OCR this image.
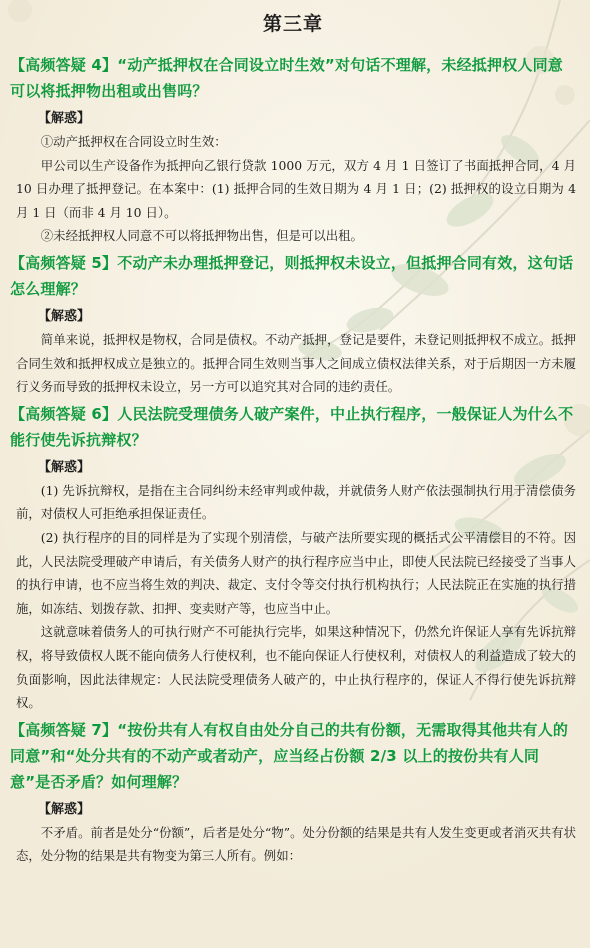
第三章
【高频答疑 4】“动产抵押权在合同设立时生效”对句话不理解，未经抵押权人同意可以将抵押物出租或出售吗？
【解惑】

①动产抵押权在合同设立时生效：

甲公司以生产设备作为抵押向乙银行贷款 1000 万元，双方 4 月 1 日签订了书面抵押合同，4 月 10 日办理了抵押登记。在本案中：(1) 抵押合同的生效日期为 4 月 1 日；(2) 抵押权的设立日期为 4 月 1 日（而非 4 月 10 日）。

②未经抵押权人同意不可以将抵押物出售，但是可以出租。

【高频答疑 5】不动产未办理抵押登记，则抵押权未设立，但抵押合同有效，这句话怎么理解？
【解惑】

简单来说，抵押权是物权，合同是债权。不动产抵押，登记是要件，未登记则抵押权不成立。抵押合同生效和抵押权成立是独立的。抵押合同生效则当事人之间成立债权法律关系，对于后期因一方未履行义务而导致的抵押权未设立，另一方可以追究其对合同的违约责任。

【高频答疑 6】人民法院受理债务人破产案件，中止执行程序，一般保证人为什么不能行使先诉抗辩权？
【解惑】

(1) 先诉抗辩权，是指在主合同纠纷未经审判或仲裁，并就债务人财产依法强制执行用于清偿债务前，对债权人可拒绝承担保证责任。

(2) 执行程序的目的同样是为了实现个别清偿，与破产法所要实现的概括式公平清偿目的不符。因此，人民法院受理破产申请后，有关债务人财产的执行程序应当中止，即使人民法院已经接受了当事人的执行申请，也不应当将生效的判决、裁定、支付令等交付执行机构执行；人民法院正在实施的执行措施，如冻结、划拨存款、扣押、变卖财产等，也应当中止。

这就意味着债务人的可执行财产不可能执行完毕，如果这种情况下，仍然允许保证人享有先诉抗辩权，将导致债权人既不能向债务人行使权利，也不能向保证人行使权利，对债权人的利益造成了较大的负面影响，因此法律规定：人民法院受理债务人破产的，中止执行程序的，保证人不得行使先诉抗辩权。

【高频答疑 7】“按份共有人有权自由处分自己的共有份额，无需取得其他共有人的同意”和“处分共有的不动产或者动产，应当经占份额 2/3 以上的按份共有人同意”是否矛盾？如何理解？
【解惑】

不矛盾。前者是处分“份额”，后者是处分“物”。处分份额的结果是共有人发生变更或者消灭共有状态，处分物的结果是共有物变为第三人所有。例如：
